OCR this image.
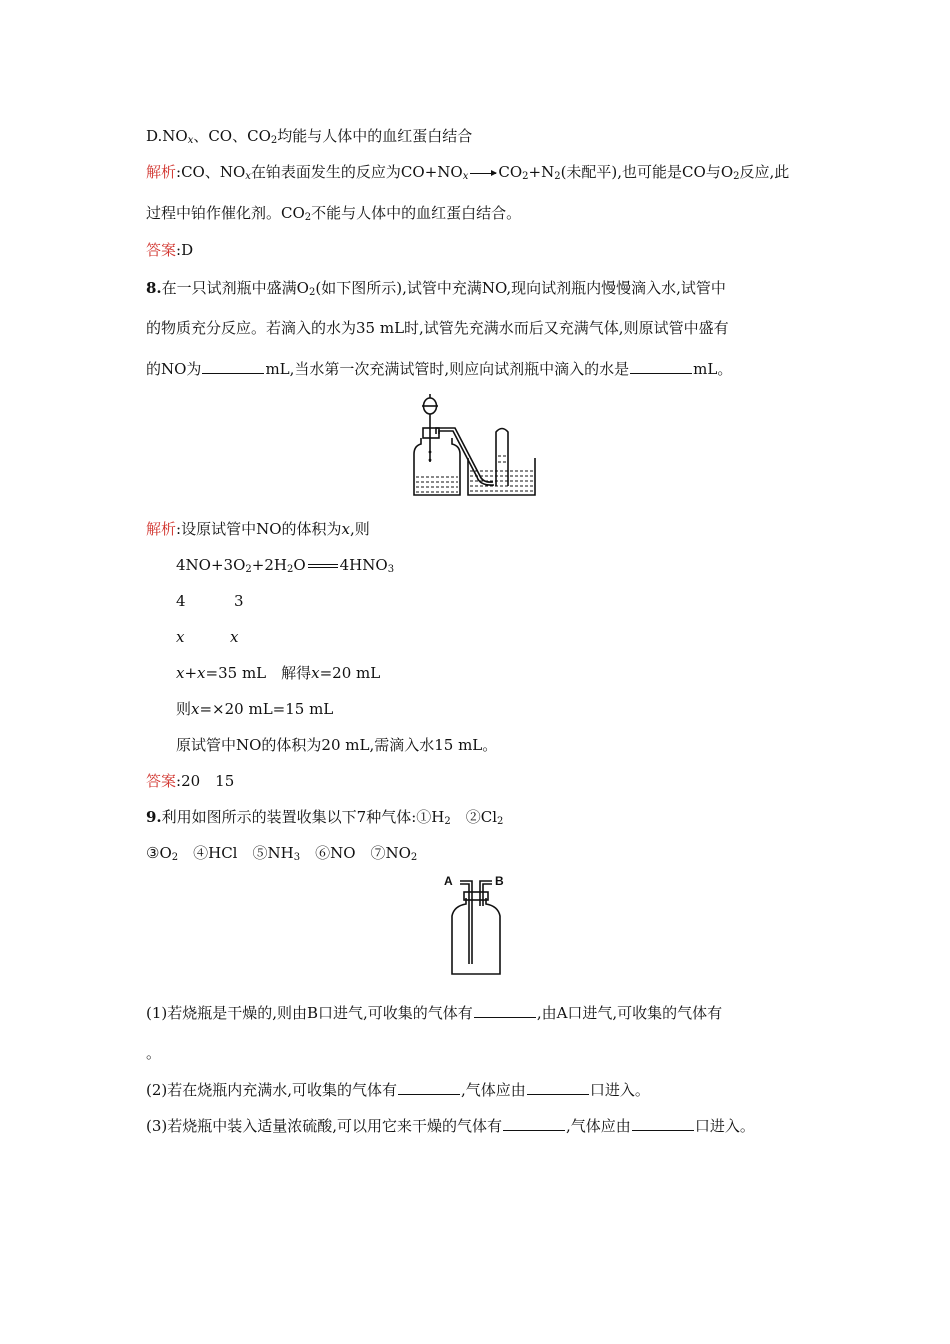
$D.NO_x$、CO、$CO_2$均能与人体中的血红蛋白结合
解析:CO、$NO_x$在铂表面发生的反应为$CO+NO_x \to CO_2+N_2$(未配平),也可能是CO与$O_2$反应,此
过程中铂作催化剂。$CO_2$不能与人体中的血红蛋白结合。
答案:D
8.在一只试剂瓶中盛满$O_2$(如下图所示),试管中充满NO,现向试剂瓶内慢慢滴入水,试管中
的物质充分反应。若滴入的水为35 mL时,试管先充满水而后又充满气体,则原试管中盛有
的NO为	mL,当水第一次充满试管时,则应向试剂瓶中滴入的水是	mL。
解析:设原试管中NO的体积为x,则
$4NO+3O_2+2H_2O$ $4HNO_3$
4	3
x	x
x+x=35 mL　解得x=20 mL
则x=×20 mL=15 mL
原试管中NO的体积为20 mL,需滴入水15 mL。
答案:20　15
9.利用如图所示的装置收集以下7种气体$:①H_2$　$②Cl_2$
$③O_2$　④HCl　$⑤NH_3$　⑥NO　$⑦NO_2$
A	B
(1)若烧瓶是干燥的,则由B口进气,可收集的气体有	,由A口进气,可收集的气体有
。
(2)若在烧瓶内充满水,可收集的气体有	,气体应由	口进入。
(3)若烧瓶中装入适量浓硫酸,可以用它来干燥的气体有	,气体应由	口进入。
